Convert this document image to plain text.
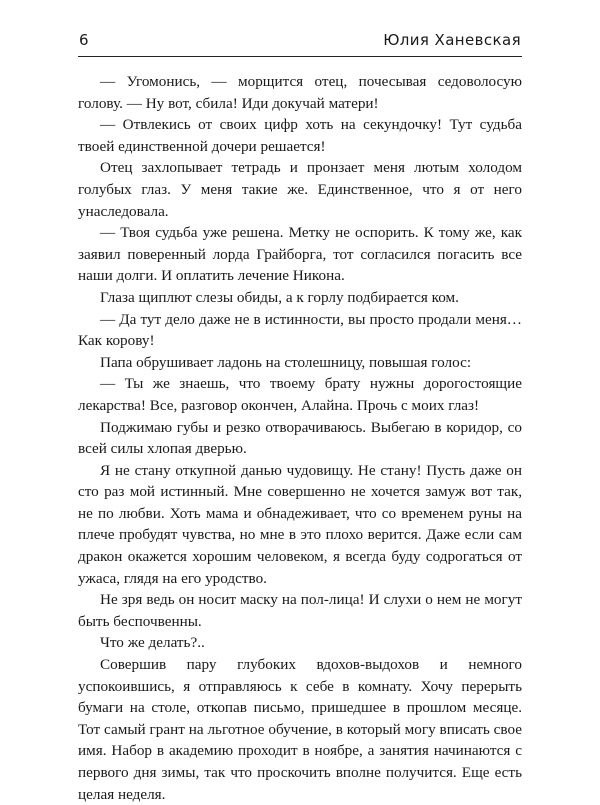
6	Юлия Ханевская

— Угомонись, — морщится отец, почесывая седоволосую голову. — Ну вот, сбила! Иди докучай матери!

— Отвлекись от своих цифр хоть на секундочку! Тут судьба твоей единственной дочери решается!

Отец захлопывает тетрадь и пронзает меня лютым холодом голубых глаз. У меня такие же. Единственное, что я от него унаследовала.

— Твоя судьба уже решена. Метку не оспорить. К тому же, как заявил поверенный лорда Грайборга, тот согласился погасить все наши долги. И оплатить лечение Никона.

Глаза щиплют слезы обиды, а к горлу подбирается ком.

— Да тут дело даже не в истинности, вы просто продали меня… Как корову!

Папа обрушивает ладонь на столешницу, повышая голос:

— Ты же знаешь, что твоему брату нужны дорогостоящие лекарства! Все, разговор окончен, Алайна. Прочь с моих глаз!

Поджимаю губы и резко отворачиваюсь. Выбегаю в коридор, со всей силы хлопая дверью.

Я не стану откупной данью чудовищу. Не стану! Пусть даже он сто раз мой истинный. Мне совершенно не хочется замуж вот так, не по любви. Хоть мама и обнадеживает, что со временем руны на плече пробудят чувства, но мне в это плохо верится. Даже если сам дракон окажется хорошим человеком, я всегда буду содрогаться от ужаса, глядя на его уродство.

Не зря ведь он носит маску на пол-лица! И слухи о нем не могут быть беспочвенны.

Что же делать?..

Совершив пару глубоких вдохов-выдохов и немного успокоившись, я отправляюсь к себе в комнату. Хочу перерыть бумаги на столе, откопав письмо, пришедшее в прошлом месяце. Тот самый грант на льготное обучение, в который могу вписать свое имя. Набор в академию проходит в ноябре, а занятия начинаются с первого дня зимы, так что проскочить вполне получится. Еще есть целая неделя.
